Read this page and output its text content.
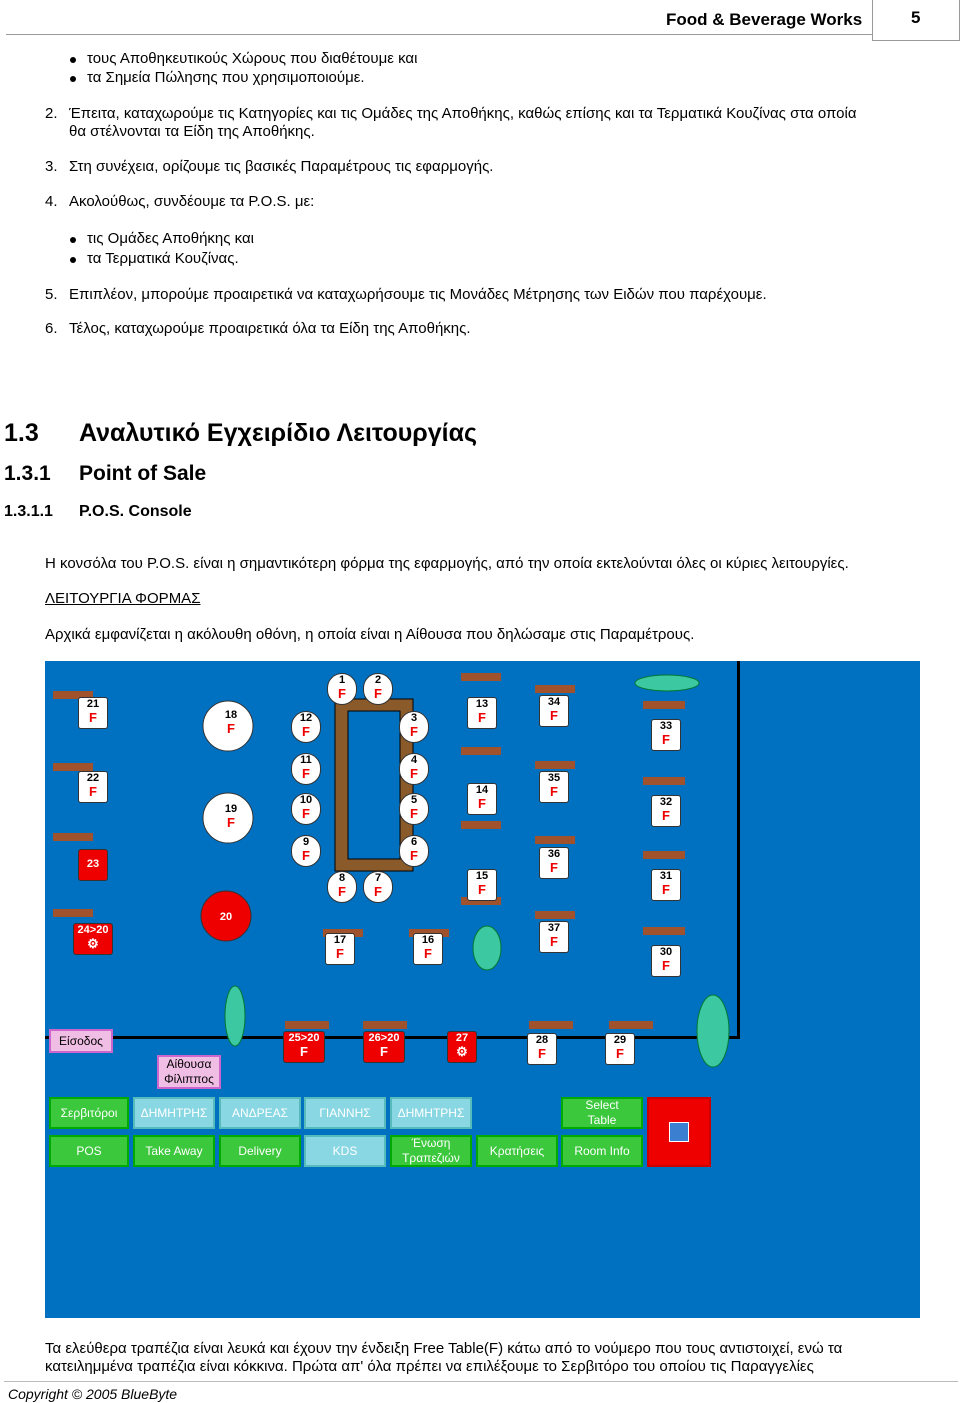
Food & Beverage Works	5
τους Αποθηκευτικούς Χώρους που διαθέτουμε και
τα Σημεία Πώλησης που χρησιμοποιούμε.
2. Έπειτα, καταχωρούμε τις Κατηγορίες και τις Ομάδες της Αποθήκης, καθώς επίσης και τα Τερματικά Κουζίνας στα οποία
θα στέλνονται τα Είδη της Αποθήκης.
3. Στη συνέχεια, ορίζουμε τις βασικές Παραμέτρους τις εφαρμογής.
4. Ακολούθως, συνδέουμε τα P.O.S. με:
τις Ομάδες Αποθήκης και
τα Τερματικά Κουζίνας.
5. Επιπλέον, μπορούμε προαιρετικά να καταχωρήσουμε τις Μονάδες Μέτρησης των Ειδών που παρέχουμε.
6. Τέλος, καταχωρούμε προαιρετικά όλα τα Είδη της Αποθήκης.
1.3 Αναλυτικό Εγχειρίδιο Λειτουργίας
1.3.1 Point of Sale
1.3.1.1 P.O.S. Console
Η κονσόλα του P.O.S. είναι η σημαντικότερη φόρμα της εφαρμογής, από την οποία εκτελούνται όλες οι κύριες λειτουργίες.
ΛΕΙΤΟΥΡΓΙΑ ΦΟΡΜΑΣ
Αρχικά εμφανίζεται η ακόλουθη οθόνη, η οποία είναι η Αίθουσα που δηλώσαμε στις Παραμέτρους.
21
F
22
F
23
24>20
⚙
18
F
19
F
20
1
F
2
F
12
F
3
F
11
F
4
F
10
F
5
F
9
F
6
F
8
F
7
F
17
F
16
F
13
F
14
F
15
F
34
F
35
F
36
F
37
F
33
F
32
F
31
F
30
F
25>20
F
26>20
F
27
⚙
28
F
29
F
Είσοδος
Αίθουσα
Φίλιππος
Σερβιτόροι	ΔΗΜΗΤΡΗΣ	ΑΝΔΡΕΑΣ	ΓΙΑΝΝΗΣ	ΔΗΜΗΤΡΗΣ
Select
Table
POS	Take Away	Delivery	KDS
Ένωση
Τραπεζιών
Κρατήσεις	Room Info
Τα ελεύθερα τραπέζια είναι λευκά και έχουν την ένδειξη Free Table(F) κάτω από το νούμερο που τους αντιστοιχεί, ενώ τα
κατειλημμένα τραπέζια είναι κόκκινα. Πρώτα απ' όλα πρέπει να επιλέξουμε το Σερβιτόρο του οποίου τις Παραγγελίες
Copyright © 2005 BlueByte
